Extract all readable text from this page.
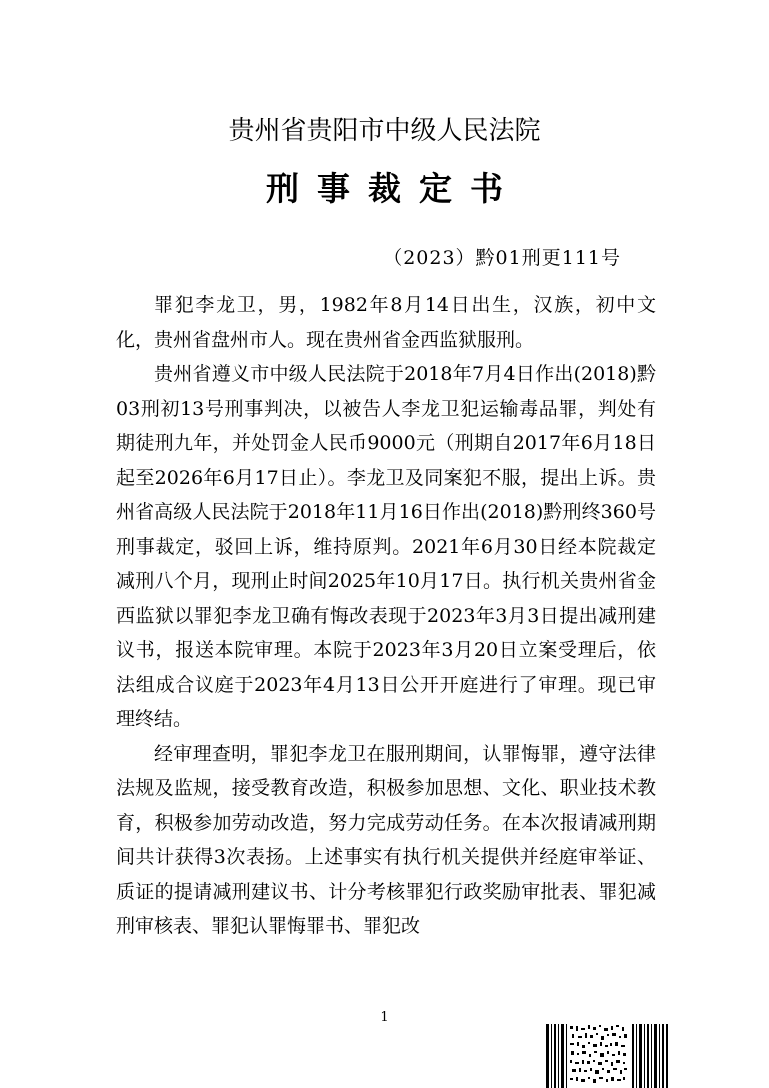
贵州省贵阳市中级人民法院
刑事裁定书
（2023）黔01刑更111号

罪犯李龙卫，男，1982年8月14日出生，汉族，初中文化，贵州省盘州市人。现在贵州省金西监狱服刑。

贵州省遵义市中级人民法院于2018年7月4日作出(2018)黔03刑初13号刑事判决，以被告人李龙卫犯运输毒品罪，判处有期徒刑九年，并处罚金人民币9000元（刑期自2017年6月18日起至2026年6月17日止）。李龙卫及同案犯不服，提出上诉。贵州省高级人民法院于2018年11月16日作出(2018)黔刑终360号刑事裁定，驳回上诉，维持原判。2021年6月30日经本院裁定减刑八个月，现刑止时间2025年10月17日。执行机关贵州省金西监狱以罪犯李龙卫确有悔改表现于2023年3月3日提出减刑建议书，报送本院审理。本院于2023年3月20日立案受理后，依法组成合议庭于2023年4月13日公开开庭进行了审理。现已审理终结。

经审理查明，罪犯李龙卫在服刑期间，认罪悔罪，遵守法律法规及监规，接受教育改造，积极参加思想、文化、职业技术教育，积极参加劳动改造，努力完成劳动任务。在本次报请减刑期间共计获得3次表扬。上述事实有执行机关提供并经庭审举证、质证的提请减刑建议书、计分考核罪犯行政奖励审批表、罪犯减刑审核表、罪犯认罪悔罪书、罪犯改

1
